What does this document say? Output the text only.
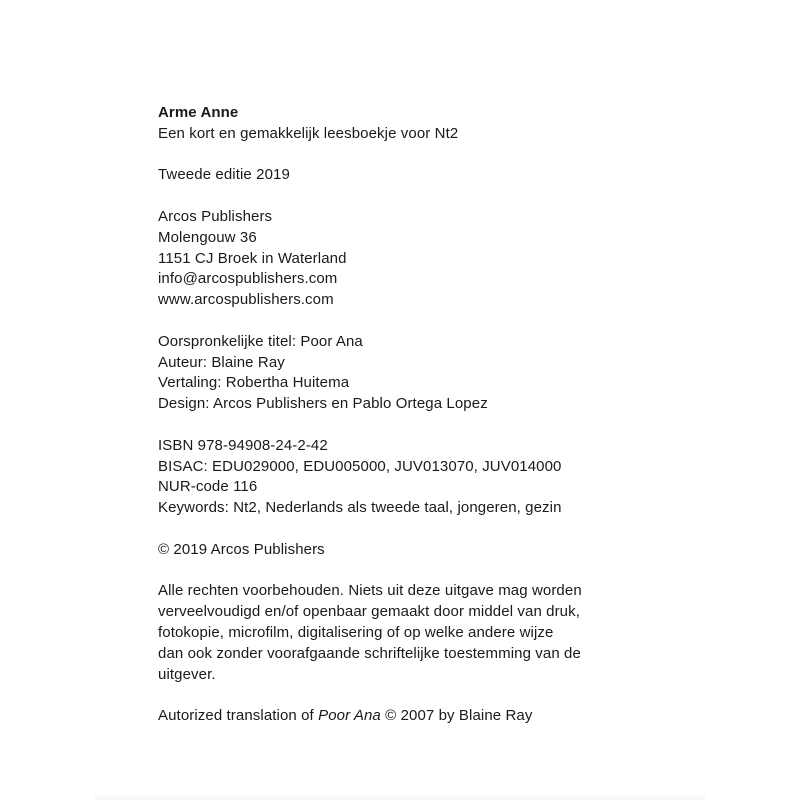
Arme Anne
Een kort en gemakkelijk leesboekje voor Nt2
Tweede editie 2019
Arcos Publishers
Molengouw 36
1151 CJ Broek in Waterland
info@arcospublishers.com
www.arcospublishers.com
Oorspronkelijke titel: Poor Ana
Auteur: Blaine Ray
Vertaling: Robertha Huitema
Design: Arcos Publishers en Pablo Ortega Lopez
ISBN 978-94908-24-2-42
BISAC: EDU029000, EDU005000, JUV013070, JUV014000
NUR-code 116
Keywords: Nt2, Nederlands als tweede taal, jongeren, gezin
© 2019 Arcos Publishers
Alle rechten voorbehouden. Niets uit deze uitgave mag worden
verveelvoudigd en/of openbaar gemaakt door middel van druk,
fotokopie, microfilm, digitalisering of op welke andere wijze
dan ook zonder voorafgaande schriftelijke toestemming van de
uitgever.
Autorized translation of Poor Ana © 2007 by Blaine Ray
